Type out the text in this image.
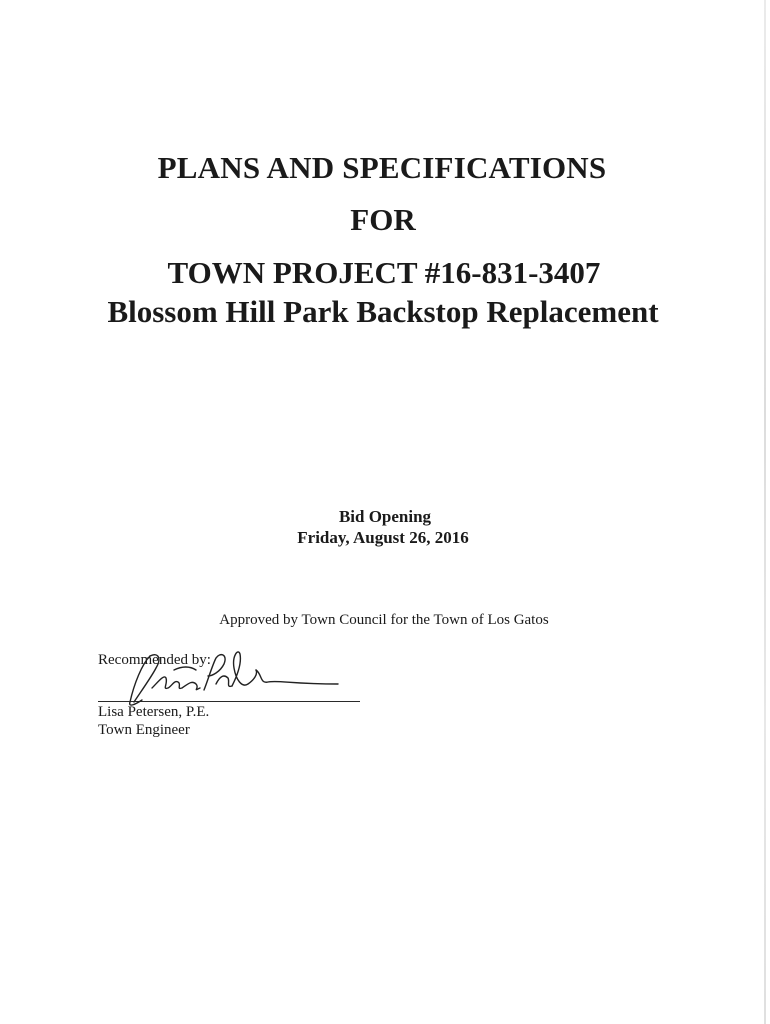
PLANS AND SPECIFICATIONS
FOR
TOWN PROJECT #16-831-3407
Blossom Hill Park Backstop Replacement
Bid Opening
Friday, August 26, 2016
Approved by Town Council for the Town of Los Gatos
Recommended by:
Lisa Petersen, P.E.
Town Engineer
